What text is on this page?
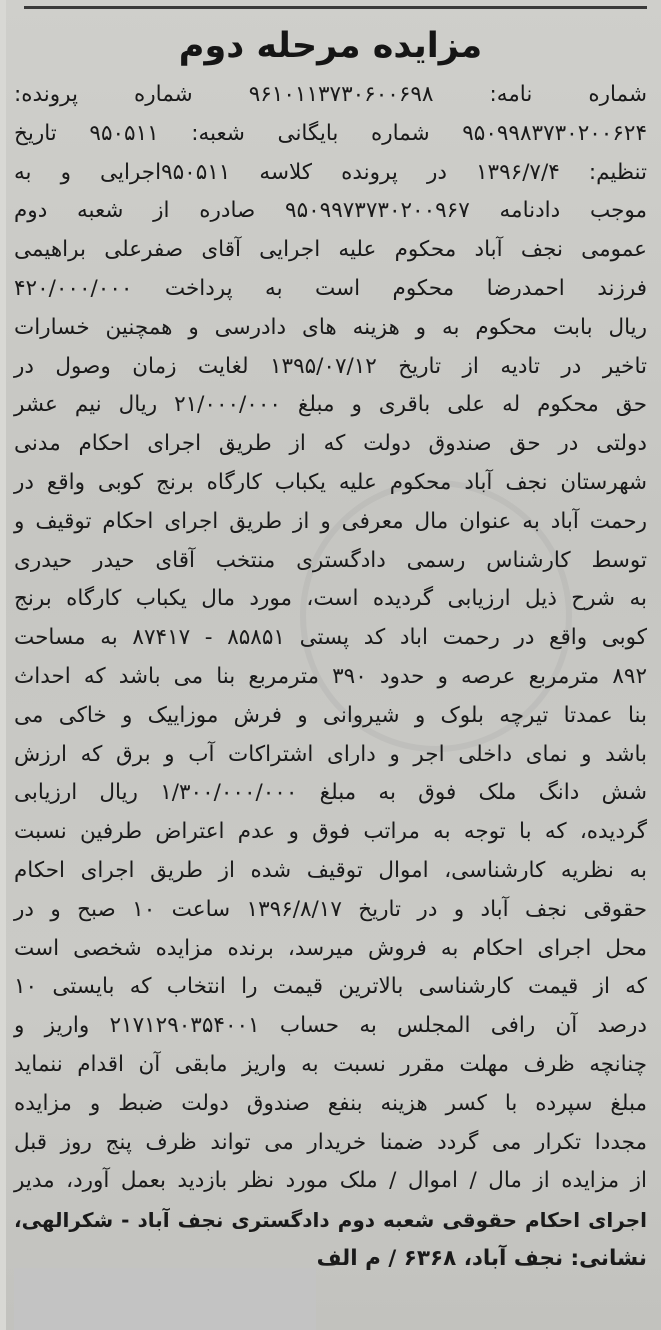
مزایده مرحله دوم
شماره نامه: ۹۶۱۰۱۱۳۷۳۰۶۰۰۶۹۸ شماره پرونده:
۹۵۰۹۹۸۳۷۳۰۲۰۰۶۲۴ شماره بایگانی شعبه: ۹۵۰۵۱۱ تاریخ
تنظیم: ۱۳۹۶/۷/۴ در پرونده کلاسه ۹۵۰۵۱۱اجرایی و به
موجب دادنامه ۹۵۰۹۹۷۳۷۳۰۲۰۰۹۶۷ صادره از شعبه دوم
عمومی نجف آباد محکوم علیه اجرایی آقای صفرعلی براهیمی
فرزند احمدرضا محکوم است به پرداخت ۴۲۰/۰۰۰/۰۰۰
ریال بابت محکوم به و هزینه های دادرسی و همچنین خسارات
تاخیر در تادیه از تاریخ ۱۳۹۵/۰۷/۱۲ لغایت زمان وصول در
حق محکوم له علی باقری و مبلغ ۲۱/۰۰۰/۰۰۰ ریال نیم عشر
دولتی در حق صندوق دولت که از طریق اجرای احکام مدنی
شهرستان نجف آباد محکوم علیه یکباب کارگاه برنج کوبی واقع در
رحمت آباد به عنوان مال معرفی و از طریق اجرای احکام توقیف و
توسط کارشناس رسمی دادگستری منتخب آقای حیدر حیدری
به شرح ذیل ارزیابی گردیده است، مورد مال یکباب کارگاه برنج
کوبی واقع در رحمت اباد کد پستی ۸۵۸۵۱ - ۸۷۴۱۷ به مساحت
۸۹۲ مترمربع عرصه و حدود ۳۹۰ مترمربع بنا می باشد که احداث
بنا عمدتا تیرچه بلوک و شیروانی و فرش موزاییک و خاکی می
باشد و نمای داخلی اجر و دارای اشتراکات آب و برق که ارزش
شش دانگ ملک فوق به مبلغ ۱/۳۰۰/۰۰۰/۰۰۰ ریال ارزیابی
گردیده، که با توجه به مراتب فوق و عدم اعتراض طرفین نسبت
به نظریه کارشناسی، اموال توقیف شده از طریق اجرای احکام
حقوقی نجف آباد و در تاریخ ۱۳۹۶/۸/۱۷ ساعت ۱۰ صبح و در
محل اجرای احکام به فروش میرسد، برنده مزایده شخصی است
که از قیمت کارشناسی بالاترین قیمت را انتخاب که بایستی ۱۰
درصد آن رافی المجلس به حساب ۲۱۷۱۲۹۰۳۵۴۰۰۱ واریز و
چنانچه ظرف مهلت مقرر نسبت به واریز مابقی آن اقدام ننماید
مبلغ سپرده با کسر هزینه بنفع صندوق دولت ضبط و مزایده
مجددا تکرار می گردد ضمنا خریدار می تواند ظرف پنج روز قبل
از مزایده از مال / اموال / ملک مورد نظر بازدید بعمل آورد، مدیر
اجرای احکام حقوقی شعبه دوم دادگستری نجف آباد - شکرالهی،
نشانی: نجف آباد، ۶۳۶۸ / م الف
